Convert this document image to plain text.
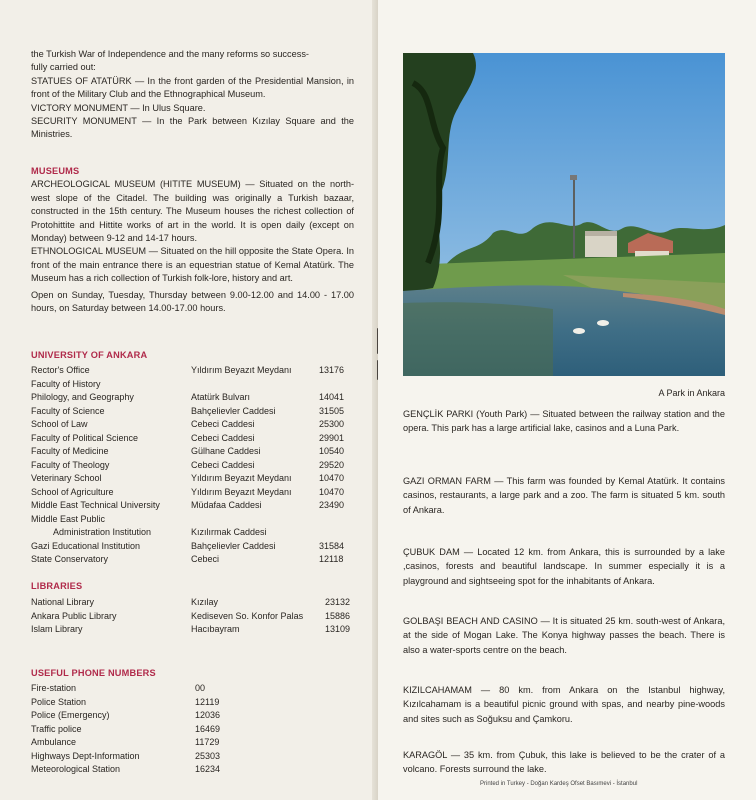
the Turkish War of Independence and the many reforms so success-
fully carried out:

STATUES OF ATATÜRK — In the front garden of the Presidential Mansion, in front of the Military Club and the Ethnographical Museum.

VICTORY MONUMENT — In Ulus Square.

SECURITY MONUMENT — In the Park between Kızılay Square and the Ministries.

MUSEUMS

ARCHEOLOGICAL MUSEUM (HITITE MUSEUM) — Situated on the north-west slope of the Citadel. The building was originally a Turkish bazaar, constructed in the 15th century. The Museum houses the richest collection of Protohittite and Hittite works of art in the world. It is open daily (except on Monday) between 9-12 and 14-17 hours.

ETHNOLOGICAL MUSEUM — Situated on the hill opposite the State Opera. In front of the main entrance there is an equestrian statue of Kemal Atatürk. The Museum has a rich collection of Turkish folk-lore, history and art.

Open on Sunday, Tuesday, Thursday between 9.00-12.00 and 14.00 - 17.00 hours, on Saturday between 14.00-17.00 hours.

UNIVERSITY OF ANKARA
Rector's Office	Yıldırım Beyazıt Meydanı	13176
Faculty of History		
Philology, and Geography	Atatürk Bulvarı	14041
Faculty of Science	Bahçelievler Caddesi	31505
School of Law	Cebeci Caddesi	25300
Faculty of Political Science	Cebeci Caddesi	29901
Faculty of Medicine	Gülhane Caddesi	10540
Faculty of Theology	Cebeci Caddesi	29520
Veterinary School	Yıldırım Beyazıt Meydanı	10470
School of Agriculture	Yıldırım Beyazıt Meydanı	10470
Middle East Technical University	Müdafaa Caddesi	23490
Middle East Public		
Administration Institution	Kızılırmak Caddesi	
Gazi Educational Institution	Bahçelievler Caddesi	31584
State Conservatory	Cebeci	12118
LIBRARIES
National Library	Kızılay	23132
Ankara Public Library	Kediseven So. Konfor Palas	15886
Islam Library	Hacıbayram	13109
USEFUL PHONE NUMBERS
Fire-station	00
Police Station	12119
Police (Emergency)	12036
Traffic police	16469
Ambulance	11729
Highways Dept-Information	25303
Meteorological Station	16234
A Park in Ankara

GENÇLİK PARKI (Youth Park) — Situated between the railway station and the opera. This park has a large artificial lake, casinos and a Luna Park.

GAZI ORMAN FARM — This farm was founded by Kemal Atatürk. It contains casinos, restaurants, a large park and a zoo. The farm is situated 5 km. south of Ankara.

ÇUBUK DAM — Located 12 km. from Ankara, this is surrounded by a lake ,casinos, forests and beautiful landscape. In summer especially it is a playground and sightseeing spot for the inhabitants of Ankara.

GOLBAŞI BEACH AND CASINO — It is situated 25 km. south-west of Ankara, at the side of Mogan Lake. The Konya highway passes the beach. There is also a water-sports centre on the beach.

KIZILCAHAMAM — 80 km. from Ankara on the Istanbul highway, Kızılcahamam is a beautiful picnic ground with spas, and nearby pine-woods and sites such as Soğuksu and Çamkoru.

KARAGÖL — 35 km. from Çubuk, this lake is believed to be the crater of a volcano. Forests surround the lake.

Printed in Turkey - Doğan Kardeş Ofset Basımevi - İstanbul
